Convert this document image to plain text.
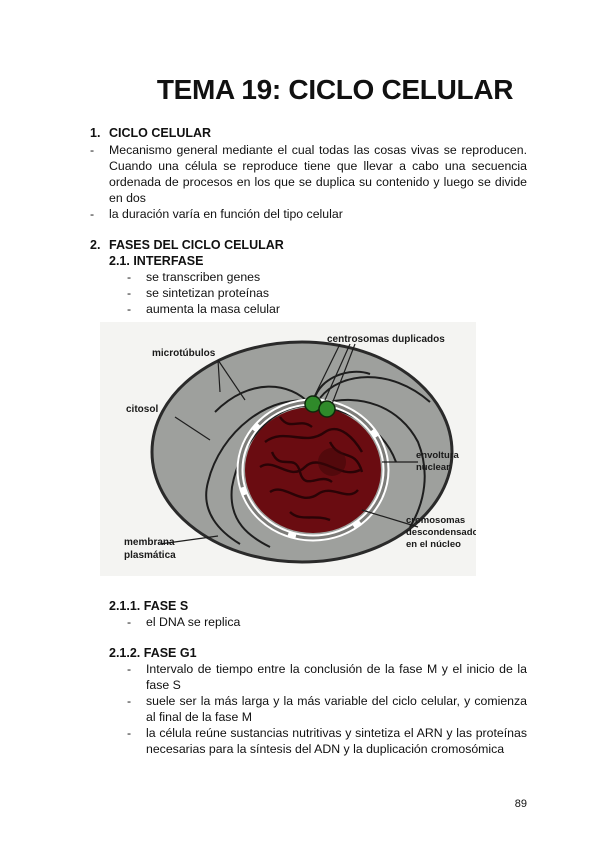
TEMA 19: CICLO CELULAR
1. CICLO CELULAR
- Mecanismo general mediante el cual todas las cosas vivas se reproducen. Cuando una célula se reproduce tiene que llevar a cabo una secuencia ordenada de procesos en los que se duplica su contenido y luego se divide en dos
- la duración varía en función del tipo celular
2. FASES DEL CICLO CELULAR
2.1. INTERFASE
- se transcriben genes
- se sintetizan proteínas
- aumenta la masa celular
microtúbulos
centrosomas duplicados
citosol
envoltura
nuclear
cromosomas
descondensados
en el núcleo
membrana
plasmática
2.1.1. FASE S
- el DNA se replica
2.1.2. FASE G1
- Intervalo de tiempo entre la conclusión de la fase M y el inicio de la fase S
- suele ser la más larga y la más variable del ciclo celular, y comienza al final de la fase M
- la célula reúne sustancias nutritivas y sintetiza el ARN y las proteínas necesarias para la síntesis del ADN y la duplicación cromosómica
89
